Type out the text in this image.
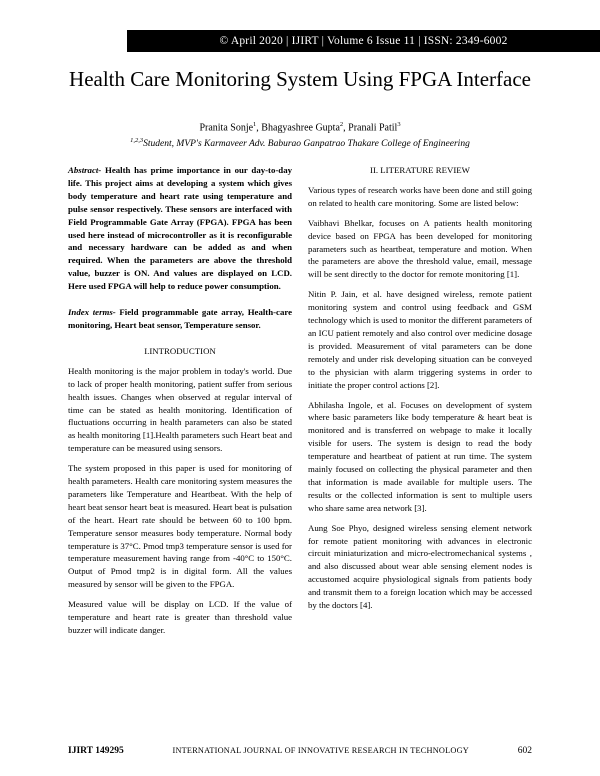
© April 2020 | IJIRT | Volume 6 Issue 11 | ISSN: 2349-6002
Health Care Monitoring System Using FPGA Interface
Pranita Sonje$^1$, Bhagyashree Gupta$^2$, Pranali Patil$^3$
$^{1,2,3}$Student, MVP's Karmaveer Adv. Baburao Ganpatrao Thakare College of Engineering

Abstract- Health has prime importance in our day-to-day life. This project aims at developing a system which gives body temperature and heart rate using temperature and pulse sensor respectively. These sensors are interfaced with Field Programmable Gate Array (FPGA). FPGA has been used here instead of microcontroller as it is reconfigurable and necessary hardware can be added as and when required. When the parameters are above the threshold value, buzzer is ON. And values are displayed on LCD. Here used FPGA will help to reduce power consumption.

Index terms- Field programmable gate array, Health-care monitoring, Heart beat sensor, Temperature sensor.

I.INTRODUCTION

Health monitoring is the major problem in today's world. Due to lack of proper health monitoring, patient suffer from serious health issues. Changes when observed at regular interval of time can be stated as health monitoring. Identification of fluctuations occurring in health parameters can also be stated as health monitoring [1].Health parameters such Heart beat and temperature can be measured using sensors.

The system proposed in this paper is used for monitoring of health parameters. Health care monitoring system measures the parameters like Temperature and Heartbeat. With the help of heart beat sensor heart beat is measured. Heart beat is pulsation of the heart. Heart rate should be between 60 to 100 bpm. Temperature sensor measures body temperature. Normal body temperature is 37°C. Pmod tmp3 temperature sensor is used for temperature measurement having range from -40°C to 150°C. Output of Pmod tmp2 is in digital form. All the values measured by sensor will be given to the FPGA.

Measured value will be display on LCD. If the value of temperature and heart rate is greater than threshold value buzzer will indicate danger.

II. LITERATURE REVIEW

Various types of research works have been done and still going on related to health care monitoring. Some are listed below:

Vaibhavi Bhelkar, focuses on A patients health monitoring device based on FPGA has been developed for monitoring parameters such as heartbeat, temperature and motion. When the parameters are above the threshold value, email, message will be sent directly to the doctor for remote monitoring [1].

Nitin P. Jain, et al. have designed wireless, remote patient monitoring system and control using feedback and GSM technology which is used to monitor the different parameters of an ICU patient remotely and also control over medicine dosage is provided. Measurement of vital parameters can be done remotely and under risk developing situation can be conveyed to the physician with alarm triggering systems in order to initiate the proper control actions [2].

Abhilasha Ingole, et al. Focuses on development of system where basic parameters like body temperature & heart beat is monitored and is transferred on webpage to make it locally visible for users. The system is design to read the body temperature and heartbeat of patient at run time. The system mainly focused on collecting the physical parameter and then that information is made available for multiple users. The results or the collected information is sent to multiple users who share same area network [3].

Aung Soe Phyo, designed wireless sensing element network for remote patient monitoring with advances in electronic circuit miniaturization and micro-electromechanical systems , and also discussed about wear able sensing element nodes is accustomed acquire physiological signals from patients body and transmit them to a foreign location which may be accessed by the doctors [4].

IJIRT 149295	INTERNATIONAL JOURNAL OF INNOVATIVE RESEARCH IN TECHNOLOGY	602
